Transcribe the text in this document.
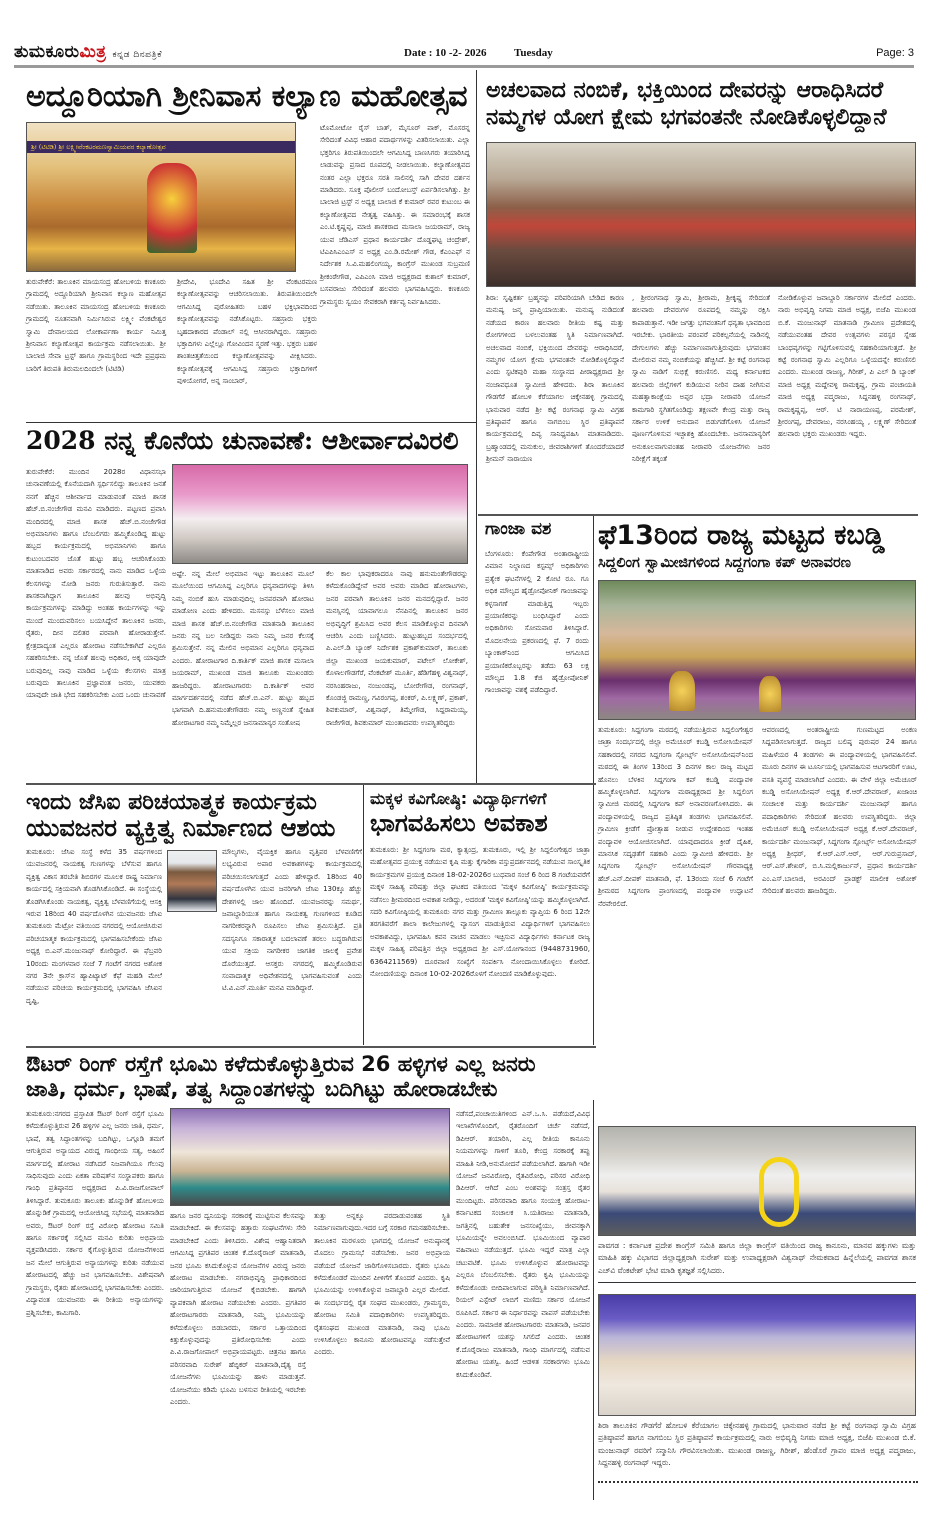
ತುಮಕೂರುಮಿತ್ರ ಕನ್ನಡ ದಿನಪತ್ರಿಕೆ	Date : 10 -2- 2026	Tuesday	Page: 3
ಅದ್ದೂರಿಯಾಗಿ ಶ್ರೀನಿವಾಸ ಕಲ್ಯಾಣ ಮಹೋತ್ಸವ
ಶ್ರೀ (ಟಿಟಿಡಿ) ಶ್ರೀ ಲಕ್ಷ್ಮೀವೆಂಕಟರಮಣಸ್ವಾಮಿಯವರ ಕಲ್ಯಾಣೋತ್ಸವ
ಟೊಮೋಟೋ ರೈಸ್ ಬಾತ್, ಮೈಸೂರ್ ಪಾಕ್, ಮೊಸರನ್ನ ಸೇರಿದಂತೆ ವಿವಿಧ ಆಹಾರ ಪದಾರ್ಥಗಳನ್ನು ವಿತರಿಸಲಾಯಿತು. ಎಲ್ಲಾ ಭಕ್ತರಿಗೂ ತಿರುಪತಿಯಿಂದಲೇ ಆಗಮಿಸಿದ್ದ ಬಾಣಸಿಗರು ತಯಾರಿಸಿದ್ದ ಲಾಡುವನ್ನು ಪ್ರಸಾದ ರೂಪದಲ್ಲಿ ನೀಡಲಾಯಿತು. ಕಲ್ಯಾಣೋತ್ಸವದ ನಂತರ ಎಲ್ಲಾ ಭಕ್ತರೂ ಸರತಿ ಸಾಲಿನಲ್ಲಿ ಸಾಗಿ ದೇವರ ದರ್ಶನ ಮಾಡಿದರು. ಸೂಕ್ತ ಪೊಲೀಸ್ ಬಂದೋಬಸ್ತ್ ಏರ್ಪಡಿಸಲಾಗಿತ್ತು. ಶ್ರೀ ಬಾಲಾಜಿ ಟ್ರಸ್ಟ್ ನ ಅಧ್ಯಕ್ಷ ಬಾಲಾಜಿ ಕೆ ಕುಮಾರ್ ರವರ ಕುಟುಂಬ ಈ ಕಲ್ಯಾಣೋತ್ಸವದ ನೇತೃತ್ವ ವಹಿಸಿತ್ತು. ಈ ಸಮಾರಂಭಕ್ಕೆ ಶಾಸಕ ಎಂ.ಟಿ.ಕೃಷ್ಣಪ್ಪ, ಮಾಜಿ ಶಾಸಕರಾದ ಮಸಾಲಾ ಜಯರಾಮ್, ರಾಜ್ಯ ಯುವ ಜೆಡಿಎಸ್ ಪ್ರಧಾನ ಕಾರ್ಯದರ್ಶಿ ದೊಡ್ಡಘಟ್ಟ ಚಂದ್ರೇಶ್, ಟಿಎಪಿಸಿಎಂಎಸ್ ನ ಅಧ್ಯಕ್ಷ ಎಂ.ಡಿ.ರಮೇಶ್ ಗೌಡ, ಕೆಎಂಎಫ್ ನ ನಿರ್ದೇಶಕ ಸಿ.ವಿ.ಮಹಲಿಂಗಯ್ಯ, ಕಾಂಗ್ರೆಸ್ ಮುಖಂಡ ಸುಬ್ರಮಣಿ ಶ್ರೀಕಂಠೇಗೌಡ, ಎಪಿಎಂಸಿ ಮಾಜಿ ಅಧ್ಯಕ್ಷರಾದ ಕುಶಾಲ್ ಕುಮಾರ್, ಬಸವರಾಜು ಸೇರಿದಂತೆ ಹಲವರು ಭಾಗವಹಿಸಿದ್ದರು. ಕಣಕೂರು ಗ್ರಾಮಸ್ಥರು ಸ್ವಯಂ ಸೇವಕರಾಗಿ ಕರ್ತವ್ಯ ನಿರ್ವಹಿಸಿದರು.
ತುರುವೇಕೆರೆ: ತಾಲೂಕಿನ ಮಾಯಸಂದ್ರ ಹೋಬಳಿಯ ಕಣಕೂರು ಗ್ರಾಮದಲ್ಲಿ ಅದ್ದೂರಿಯಾಗಿ ಶ್ರೀನಿವಾಸ ಕಲ್ಯಾಣ ಮಹೋತ್ಸವ ನಡೆಯಿತು. ತಾಲೂಕಿನ ಮಾಯಸಂದ್ರ ಹೋಬಳಿಯ ಕಣಕೂರು ಗ್ರಾಮದಲ್ಲಿ ನೂತನವಾಗಿ ನಿರ್ಮಿಸಿರುವ ಲಕ್ಷ್ಮೀ ವೆಂಕಟೇಶ್ವರ ಸ್ವಾಮಿ ದೇವಾಲಯದ ಲೋಕಾರ್ಪಣಾ ಕಾರ್ಯ ನಿಮಿತ್ತ ಶ್ರೀನಿವಾಸ ಕಲ್ಯಾಣೋತ್ಸವ ಕಾರ್ಯಕ್ರಮ ನಡೆಸಲಾಯಿತು. ಶ್ರೀ ಬಾಲಾಜಿ ಸೇವಾ ಟ್ರಸ್ಟ್ ಹಾಗೂ ಗ್ರಾಮಸ್ಥರಿಂದ ಇದೇ ಪ್ರಪ್ರಥಮ ಬಾರಿಗೆ ತಿರುಪತಿ ತಿರುಮಲದಿಂದಲೇ (ಟಿಟಿಡಿ)
ಶ್ರೀದೇವಿ, ಭೂದೇವಿ ಸಹಿತ ಶ್ರೀ ವೆಂಕಟರಮಣ ಕಲ್ಯಾಣೋತ್ಸವವನ್ನು ಆಚರಿಸಲಾಯಿತು. ತಿರುಪತಿಯಿಂದಲೇ ಆಗಮಿಸಿದ್ದ ಪುರೋಹಿತರು ಬಹಳ ಭಕ್ತಿಭಾವದಿಂದ ಕಲ್ಯಾಣೋತ್ಸವವನ್ನು ನಡೆಸಿಕೊಟ್ಟರು. ಸಹಸ್ರಾರು ಭಕ್ತರು ಬೃಹದಾಕಾರದ ಪೆಂಡಾಲ್ ನಲ್ಲಿ ಆಸೀನರಾಗಿದ್ದರು. ಸಹಸ್ರಾರು ಭಕ್ತಾದಿಗಳು ಎಲ್ಲೆಲ್ಲೂ ಗೋವಿಂದನ ಸ್ಮರಣೆ ಇತ್ತು. ಭಕ್ತರು ಬಹಳ ಶಾಂತಚಿತ್ತತೆಯಿಂದ ಕಲ್ಯಾಣೋತ್ಸವವನ್ನು ವೀಕ್ಷಿಸಿದರು. ಕಲ್ಯಾಣೋತ್ಸವಕ್ಕೆ ಆಗಮಿಸಿದ್ದ ಸಹಸ್ರಾರು ಭಕ್ತಾದಿಗಳಿಗೆ ಪುಳಿಯೋಗರೆ, ಅನ್ನ ಸಾಂಬಾರ್,
ಅಚಲವಾದ ನಂಬಿಕೆ, ಭಕ್ತಿಯಿಂದ ದೇವರನ್ನು ಆರಾಧಿಸಿದರೆ
ನಮ್ಮಗಳ ಯೋಗ ಕ್ಷೇಮ ಭಗವಂತನೇ ನೋಡಿಕೊಳ್ಳಲಿದ್ದಾನೆ
ಶಿರಾ: ಸೃಷ್ಟಿಕರ್ತ ಬ್ರಹ್ಮನನ್ನು ಪರಿಪರಿಯಾಗಿ ಬೇಡಿದ ಕಾರಣ ಮನುಷ್ಯ ಜನ್ಮ ಪ್ರಾಪ್ತಿಯಾಯಿತು. ಮನುಷ್ಯ ನುಡಿದಂತೆ ನಡೆಯದ ಕಾರಣ ಹಲವಾರು ರೀತಿಯ ಕಷ್ಟ ಮತ್ತು ರೋಗಗಳಿಂದ ಬಳಲುವಂತಹ ಸ್ಥಿತಿ ನಿರ್ಮಾಣವಾಗಿದೆ. ಅಚಲವಾದ ನಂಬಿಕೆ, ಭಕ್ತಿಯಿಂದ ದೇವರನ್ನು ಆರಾಧಿಸಿದರೆ, ನಮ್ಮಗಳ ಯೋಗ ಕ್ಷೇಮ ಭಗವಂತನೇ ನೋಡಿಕೊಳ್ಳಲಿದ್ದಾನೆ ಎಂದು ಸ್ಫಟಿಕಪುರಿ ಮಹಾ ಸಂಸ್ಥಾನದ ಪೀಠಾಧ್ಯಕ್ಷರಾದ ಶ್ರೀ ನಂಜಾವಧೂತ ಸ್ವಾಮೀಜಿ ಹೇಳಿದರು. ಶಿರಾ ತಾಲೂಕಿನ ಗೌಡಗೆರೆ ಹೋಬಳಿ ಕೆರೆಯಾಗಲ ಚಿಕ್ಕೇನಹಳ್ಳಿ ಗ್ರಾಮದಲ್ಲಿ ಭಾನುವಾರ ನಡೆದ ಶ್ರೀ ಕಟ್ಟೆ ರಂಗನಾಥ ಸ್ವಾಮಿ ವಿಗ್ರಹ ಪ್ರತಿಷ್ಠಾಪನೆ ಹಾಗೂ ನಾಗಬಿಂಬ ಸ್ಥಿರ ಪ್ರತಿಷ್ಠಾಪನೆ ಕಾರ್ಯಕ್ರಮದಲ್ಲಿ ದಿವ್ಯ ಸಾನಿಧ್ಯವಹಿಸಿ ಮಾತನಾಡಿದರು. ಬ್ರಹ್ಮಾಂಡದಲ್ಲಿ ಮನುಕುಲ, ಜೀವರಾಶಿಗಳಿಗೆ ತೊಂದರೆಯಾದರೆ ಶ್ರೀಮನ್ ನಾರಾಯಣ
, ಶ್ರೀರಂಗನಾಥ ಸ್ವಾಮಿ, ಶ್ರೀರಾಮ, ಶ್ರೀಕೃಷ್ಣ ಸೇರಿದಂತೆ ಹಲವಾರು ದೇವರುಗಳ ರೂಪದಲ್ಲಿ ನಮ್ಮನ್ನು ರಕ್ಷಿಸಿ ಕಾಪಾಡುತ್ತಾನೆ. ಇಡೀ ಜಗತ್ತು ಭಗವಂತನಿಗೆ ಧನ್ಯತಾ ಭಾವದಿಂದ ಇರಬೇಕು. ಭಾರತೀಯ ಪರಂಪರೆ ಪರಿಕಲ್ಪನೆಯಲ್ಲಿ ನಾಡಿನಲ್ಲಿ ದೇಗುಲಗಳು ಹೆಚ್ಚು ನಿರ್ಮಾಣವಾಗುತ್ತಿರುವುದು ಭಗವಂತನ ಮೇಲಿರುವ ನಮ್ಮ ನಂಬಿಕೆಯನ್ನು ಹೆಚ್ಚಿಸಿದೆ. ಶ್ರೀ ಕಟ್ಟೆ ರಂಗನಾಥ ಸ್ವಾಮಿ ನಾಡಿಗೆ ಸುಭಿಕ್ಷೆ ಕರುಣಿಸಲಿ. ಮಧ್ಯ ಕರ್ನಾಟಕದ ಹಲವಾರು ಜಿಲ್ಲೆಗಳಿಗೆ ಕುಡಿಯುವ ನೀರಿನ ದಾಹ ನೀಗಿಸುವ ಮಹತ್ವಾಕಾಂಕ್ಷೆಯ ಅಪ್ಪರ ಭದ್ರಾ ನೀರಾವರಿ ಯೋಜನೆ ಕಾಮಗಾರಿ ಸ್ಥಗಿತಗೊಂಡಿದ್ದು ತಕ್ಷಣವೇ ಕೇಂದ್ರ ಮತ್ತು ರಾಜ್ಯ ಸರ್ಕಾರ ಉಳಿಕೆ ಅನುದಾನ ಬಿಡುಗಡೆಗೊಳಿಸಿ ಯೋಜನೆ ಪೂರ್ಣಗೊಳಿಸುವ ಇಚ್ಛಾಶಕ್ತಿ ಹೊಂದಬೇಕು. ಜನಸಾಮಾನ್ಯರಿಗೆ ಅನುಕೂಲವಾಗುವಂತಹ ನೀರಾವರಿ ಯೋಜನೆಗಳು ಜನರ ನಿರೀಕ್ಷೆಗೆ ತಕ್ಕಂತೆ
ನೋಡಿಕೊಳ್ಳುವ ಜವಾಬ್ದಾರಿ ಸರ್ಕಾರಗಳ ಮೇಲಿದೆ ಎಂದರು. ನಾರು ಅಭಿವೃದ್ಧಿ ನಿಗಮ ಮಾಜಿ ಅಧ್ಯಕ್ಷ, ಬಿಜೆಪಿ ಮುಖಂಡ ಬಿ.ಕೆ. ಮಂಜುನಾಥ್ ಮಾತನಾಡಿ ಗ್ರಾಮೀಣ ಪ್ರದೇಶದಲ್ಲಿ ನಡೆಯುವಂತಹ ದೇವರ ಉತ್ಸವಗಳು ಪರಸ್ಪರ ಸ್ನೇಹ ಬಾಂಧವ್ಯಗಳನ್ನು ಗಟ್ಟಿಗೊಳಿಸುವಲ್ಲಿ ಸಹಕಾರಿಯಾಗುತ್ತದೆ. ಶ್ರೀ ಕಟ್ಟೆ ರಂಗನಾಥ ಸ್ವಾಮಿ ಎಲ್ಲರಿಗೂ ಒಳ್ಳೆಯದನ್ನೇ ಕರುಣಿಸಲಿ ಎಂದರು. ಮುಖಂಡ ರಾಜಣ್ಣ, ಗಿರೀಶ್, ಪಿ ಎಲ್ ಡಿ ಬ್ಯಾಂಕ್ ಮಾಜಿ ಅಧ್ಯಕ್ಷ ಮದ್ದೇವಳ್ಳಿ ರಾಮಕೃಷ್ಣ, ಗ್ರಾಮ ಪಂಚಾಯತಿ ಮಾಜಿ ಅಧ್ಯಕ್ಷ ಪದ್ಮರಾಜು, ಸಿದ್ದನಹಳ್ಳಿ ರಂಗನಾಥ್, ರಾಮಕೃಷ್ಣಪ್ಪ, ಆರ್. ಟಿ ನಾರಾಯಣಪ್ಪ, ಪರಮೇಶ್, ಶ್ರೀರಂಗಪ್ಪ, ದೇವರಾಜು, ನರಸಿಂಹಯ್ಯ , ಲಕ್ಷ್ಮಣ್ ಸೇರಿದಂತೆ ಹಲವಾರು ಭಕ್ತರು ಮುಖಂಡರು ಇದ್ದರು.
2028 ನನ್ನ ಕೊನೆಯ ಚುನಾವಣೆ: ಆಶೀರ್ವಾದವಿರಲಿ
ತುರುವೇಕೆರೆ: ಮುಂದಿನ 2028ರ ವಿಧಾನಸಭಾ ಚುನಾವಣೆಯಲ್ಲಿ ಕೊನೆಯದಾಗಿ ಸ್ಪರ್ಧಿಸಲಿದ್ದು ತಾಲೂಕಿನ ಜನತೆ ನನಗೆ ಹೆಚ್ಚಿನ ಆಶೀರ್ವಾದ ಮಾಡುವಂತೆ ಮಾಜಿ ಶಾಸಕ ಹೆಚ್.ಬಿ.ನಂಜೇಗೌಡ ಮನವಿ ಮಾಡಿದರು. ಪಟ್ಟಣದ ಪ್ರವಾಸಿ ಮಂದಿರದಲ್ಲಿ ಮಾಜಿ ಶಾಸಕ ಹೆಚ್.ಬಿ.ನಂಜೇಗೌಡ ಅಭಿಮಾನಿಗಳು ಹಾಗೂ ಬೆಂಬಲಿಗರು ಹಮ್ಮಿಕೊಂಡಿದ್ದ ಹುಟ್ಟು ಹಬ್ಬದ ಕಾರ್ಯಕ್ರಮದಲ್ಲಿ ಅಭಿಮಾನಿಗಳು ಹಾಗೂ ಕುಟುಂಬದವರ ಜೊತೆ ಹುಟ್ಟು ಹಬ್ಬ ಆಚರಿಸಿಕೊಂಡು ಮಾತನಾಡಿದ ಅವರು ಸರ್ಕಾರದಲ್ಲಿ ನಾನು ಮಾಡಿದ ಒಳ್ಳೆಯ ಕೆಲಸಗಳನ್ನು ನೋಡಿ ಜನರು ಗುರುತಿಸುತ್ತಾರೆ. ನಾನು ಶಾಸಕನಾಗಿದ್ದಾಗ ತಾಲೂಕಿನ ಹಲವು ಅಭಿವೃದ್ಧಿ ಕಾರ್ಯಕ್ರಮಗಳನ್ನು ಮಾಡಿದ್ದು ಅಂತಹ ಕಾರ್ಯಗಳನ್ನು ಇನ್ನು ಮುಂದೆ ಮುಂದುವರಿಸಲು ಬಯಸಿದ್ದೇನೆ ತಾಲೂಕಿನ ಜನರು, ರೈತರು, ದೀನ ದಲಿತರ ಪರವಾಗಿ ಹೋರಾಡುತ್ತೇನೆ. ಕ್ಷೇತ್ರದಾದ್ಯಂತ ಎಲ್ಲರೂ ಹೋರಾಟ ನಡೆಸಬೇಕಾಗಿದೆ ಎಲ್ಲರೂ ಸಹಕರಿಸಬೇಕು. ನನ್ನ ಜೊತೆ ಹಲವು ಅಧಿಕಾರ, ಅಕ್ಕ ಯಾವುದೇ ಬರುವುದಿಲ್ಲ ನಾವು ಮಾಡಿದ ಒಳ್ಳೆಯ ಕೆಲಸಗಳು ಮಾತ್ರ ಬರುವುದು ತಾಲೂಕಿನ ಪ್ರಜ್ಞಾವಂತ ಜನರು, ಯುವಕರು ಯಾವುದೇ ಜಾತಿ ಭೇದ ಸಹಕರಿಸಬೇಕು ಎಂದ ಒಂದು ಚುನಾವಣೆ
ಅಷ್ಟೇ. ನನ್ನ ಮೇಲೆ ಅಭಿಮಾನ ಇಟ್ಟು ತಾಲೂಕಿನ ಮೂಲೆ ಮೂಲೆಯಿಂದ ಆಗಮಿಸಿದ್ದ ಎಲ್ಲರಿಗೂ ಧನ್ಯವಾದಗಳನ್ನು ತಿಳಿಸಿ ನಿಮ್ಮ ನಂಬಿಕೆ ಹುಸಿ ಮಾಡುವುದಿಲ್ಲ ಜನಪರವಾಗಿ ಹೋರಾಟ ಮಾಡೋಣ ಎಂದು ಹೇಳಿದರು. ಮಸನಸ್ಸು ಬೆಳೆಸಲು ಮಾಜಿ ಮಾಜಿ ಶಾಸಕ ಹೆಚ್.ಬಿ.ನಂಜೇಗೌಡ ಮಾತನಾಡಿ ತಾಲೂಕಿನ ಜನರು ನನ್ನ ಬಲ ನೀಡಿದ್ದರು ನಾನು ನಿಮ್ಮ ಜನರ ಕೆಲಸಕ್ಕೆ ಶ್ರಮಿಸುತ್ತೇನೆ. ನನ್ನ ಮೇಲಿನ ಅಭಿಮಾನ ಎಲ್ಲರಿಗೂ ಧನ್ಯವಾದ ಎಂದರು. ಹೋರಾಟಗಾರ ದಿ.ಕಾರ್ತಿಕ್ ಮಾಜಿ ಶಾಸಕ ಮಸಾಲಾ ಜಯರಾಮ್, ಮುಖಂಡ ಮಾಜಿ ತಾಲೂಕು ಮುಖಂಡರು ಹಾಜರಿದ್ದರು. ಹೋರಾಟಗಾರರು ದಿ.ಕಾರ್ತಿಕ್ ಅವರ ಮಾರ್ಗದರ್ಶನದಲ್ಲಿ ನಡೆದ ಹೆಚ್.ಬಿ.ಎನ್. ಹುಟ್ಟು ಹಬ್ಬದ ಭಾಗವಾಗಿ ದಿ.ಹನುಮಂತೇಗೌಡರು ನಮ್ಮ ಅಣ್ಣನಂತೆ ಸ್ನೇಹಿತ ಹೋರಾಟಗಾರ ನಮ್ಮ ನಿಮ್ಮೆಲ್ಲರ ಜನಸಾಮಾನ್ಯರ ಸಂತೋಷ
ಕೆಲ ಕಾಲ ಭಾವುಕರಾದರೂ ನಾವು ಹನುಮಂತೇಗೌಡರನ್ನು ಕಳೆದುಕೊಂಡಿದ್ದೇವೆ ಅವರ ಅವರು ಮಾಡಿದ ಹೋರಾಟಗಳು, ಜನರ ಪರವಾಗಿ ತಾಲೂಕಿನ ಜನರ ಮನದಲ್ಲಿದ್ದಾರೆ. ಜನರ ಮನಸ್ಸಿನಲ್ಲಿ ಯಾವಾಗಲೂ ನೆನಪಿನಲ್ಲಿ ತಾಲೂಕಿನ ಜನರ ಅಭಿವೃದ್ಧಿಗೆ ಶ್ರಮಿಸಿದ ಅವರ ಕೆಲಸ ಮಾಡಿಕೊಳ್ಳುವ ದಿನವಾಗಿ ಆಚರಿಸಿ ಎಂದು ಬಣ್ಣಿಸಿದರು. ಹುಟ್ಟುಹಬ್ಬದ ಸಂದರ್ಭದಲ್ಲಿ ಪಿ.ಎಲ್.ಡಿ ಬ್ಯಾಂಕ್ ನಿರ್ದೇಶಕ ಪ್ರಕಾಶ್‌ಕುಮಾರ್, ತಾಲೂಕು ಜಿಲ್ಲಾ ಮುಖಂಡ ಜಯಕುಮಾರ್, ಪಟೇಲ್ ಲೋಕೇಶ್, ಕೊಳಾಲಗೌಡಗೆರೆ, ವೆಂಕಟೇಶ್ ಮೂರ್ತಿ, ಹೆಡಿಗೆಹಳ್ಳಿ ವಿಶ್ವನಾಥ್, ನರಸಿಂಹರಾಜು, ನಂಜುಂಡಪ್ಪ, ಬೋರೇಗೌಡ, ರಂಗನಾಥ್, ಕೊಂಡಜ್ಜಿ ರಾಮಣ್ಣ, ಗವಿರಂಗಪ್ಪ, ಶಂಕರ್, ಪಿ.ಲಕ್ಷ್ಮಣ್, ಪ್ರಕಾಶ್, ಶಿವಕುಮಾರ್, ವಿಶ್ವನಾಥ್, ತಿಮ್ಮೇಗೌಡ, ಸಿದ್ದರಾಮಯ್ಯ, ರಾಜೇಗೌಡ, ಶಿವಕುಮಾರ್ ಮುಂತಾದವರು ಉಪಸ್ಥಿತರಿದ್ದರು
ಗಾಂಜಾ ವಶ
ಬೆಂಗಳೂರು: ಕೆಂಪೇಗೌಡ ಅಂತಾರಾಷ್ಟ್ರೀಯ ವಿಮಾನ ನಿಲ್ದಾಣದ ಕಸ್ಟಮ್ಸ್ ಅಧಿಕಾರಿಗಳು ಪ್ರತ್ಯೇಕ ಘಟನೆಗಳಲ್ಲಿ 2 ಕೋಟಿ ರೂ. ಗೂ ಅಧಿಕ ಮೌಲ್ಯದ ಹೈಡ್ರೋಪೋನಿಕ್ ಗಾಂಜಾವನ್ನು ಕಳ್ಳಸಾಗಣೆ ಮಾಡುತ್ತಿದ್ದ ಇಬ್ಬರು ಪ್ರಯಾಣಿಕರನ್ನು ಬಂಧಿಸಿದ್ದಾರೆ ಎಂದು ಅಧಿಕಾರಿಗಳು ಸೋಮವಾರ ತಿಳಿಸಿದ್ದಾರೆ. ಮೊದಲನೇಯ ಪ್ರಕರಣದಲ್ಲಿ ಫೆ. 7 ರಂದು ಬ್ಯಾಂಕಾಕ್‌ನಿಂದ ಆಗಮಿಸಿದ ಪ್ರಯಾಣಿಕರೊಬ್ಬರನ್ನು ತಡೆದು 63 ಲಕ್ಷ ಮೌಲ್ಯದ 1.8 ಕೆಜಿ ಹೈಡ್ರೋಪೋನಿಕ್ ಗಾಂಜಾವನ್ನು ವಶಕ್ಕೆ ಪಡೆದಿದ್ದಾರೆ.
ಫೆ13ರಿಂದ ರಾಜ್ಯ ಮಟ್ಟದ ಕಬಡ್ಡಿ
ಸಿದ್ದಲಿಂಗ ಸ್ವಾಮೀಜಿಗಳಿಂದ ಸಿದ್ದಗಂಗಾ ಕಪ್ ಅನಾವರಣ
ತುಮಕೂರು: ಸಿದ್ದಗಂಗಾ ಮಠದಲ್ಲಿ ನಡೆಯುತ್ತಿರುವ ಸಿದ್ದಲಿಂಗೇಶ್ವರ ಜಾತ್ರಾ ಸಂದರ್ಭದಲ್ಲಿ ಜಿಲ್ಲಾ ಅಮೆಚೂರ್ ಕಬಡ್ಡಿ ಅಸೋಸಿಯೇಷನ್ ಸಹಕಾರದಲ್ಲಿ ನಗರದ ಸಿದ್ದಗಂಗಾ ಸ್ಪೋರ್ಟ್ಸ್ ಅಸೋಸಿಯೇಷನ್‌ನಿಂದ ಮಠದಲ್ಲಿ ಈ ತಿಂಗಳ 13ರಿಂದ 3 ದಿನಗಳ ಕಾಲ ರಾಜ್ಯ ಮಟ್ಟದ ಹೊನಲು ಬೆಳಕಿನ ಸಿದ್ದಗಂಗಾ ಕಪ್ ಕಬಡ್ಡಿ ಪಂದ್ಯಾವಳಿ ಹಮ್ಮಿಕೊಳ್ಳಲಾಗಿದೆ. ಸಿದ್ದಗಂಗಾ ಮಠಾಧ್ಯಕ್ಷರಾದ ಶ್ರೀ ಸಿದ್ದಲಿಂಗ ಸ್ವಾಮೀಜಿ ಮಠದಲ್ಲಿ ಸಿದ್ದಗಂಗಾ ಕಪ್ ಅನಾವರಣಗೊಳಿಸಿದರು. ಈ ಪಂದ್ಯಾವಳಿಯಲ್ಲಿ ರಾಜ್ಯದ ಪ್ರತಿಷ್ಠಿತ ತಂಡಗಳು ಭಾಗವಹಿಸಲಿವೆ. ಗ್ರಾಮೀಣ ಕ್ರೀಡೆಗೆ ಪ್ರೋತ್ಸಾಹ ನೀಡುವ ಉದ್ದೇಶದಿಂದ ಇಂತಹ ಪಂದ್ಯಾವಳಿ ಆಯೋಜಿಸಲಾಗಿದೆ. ಯಾವುದಾದರೂ ಕ್ರೀಡೆ ದೈಹಿಕ, ಮಾನಸಿಕ ಸದೃಢತೆಗೆ ಸಹಕಾರಿ ಎಂದು ಸ್ವಾಮೀಜಿ ಹೇಳಿದರು. ಶ್ರೀ ಸಿದ್ದಗಂಗಾ ಸ್ಪೋರ್ಟ್ಸ್ ಅಸೋಸಿಯೇಷನ್ ಗೌರವಾಧ್ಯಕ್ಷ ಹೆಚ್.ಎನ್.ದೀಪಕ್ ಮಾತನಾಡಿ, ಫೆ. 13ರಂದು ಸಂಜೆ 6 ಗಂಟೆಗೆ ಶ್ರೀಮಠದ ಸಿದ್ದಗಂಗಾ ಪ್ರಾಂಗಣದಲ್ಲಿ ಪಂದ್ಯಾವಳಿ ಉದ್ಘಾಟನೆ ನೆರವೇರಲಿದೆ.
ಆವರಣದಲ್ಲಿ ಅಂತರಾಷ್ಟ್ರೀಯ ಗುಣಮಟ್ಟದ ಅಂಕಣ ಸಿದ್ದಪಡಿಸಲಾಗುತ್ತದೆ. ರಾಜ್ಯದ ಬಲಿಷ್ಠ ಪುರುಷರ 24 ಹಾಗೂ ಮಹಿಳೆಯರ 4 ತಂಡಗಳು ಈ ಪಂದ್ಯಾವಳಿಯಲ್ಲಿ ಭಾಗವಹಿಸಲಿವೆ. ಮೂರು ದಿನಗಳ ಈ ಟೂರ್ನಿಯಲ್ಲಿ ಭಾಗವಹಿಸುವ ಆಟಗಾರರಿಗೆ ಊಟ, ವಸತಿ ವ್ಯವಸ್ಥೆ ಮಾಡಲಾಗಿದೆ ಎಂದರು. ಈ ವೇಳೆ ಜಿಲ್ಲಾ ಅಮೆಚೂರ್ ಕಬಡ್ಡಿ ಅಸೋಸಿಯೇಷನ್ ಅಧ್ಯಕ್ಷ ಕೆ.ಆರ್.ದೇವರಾಜ್, ಖಜಾಂಚಿ ಸಂಚಾಲಕ ಮತ್ತು ಕಾರ್ಯದರ್ಶಿ ಮಂಜುನಾಥ್ ಹಾಗೂ ಪದಾಧಿಕಾರಿಗಳು ಸೇರಿದಂತೆ ಹಲವರು ಉಪಸ್ಥಿತರಿದ್ದರು. ಜಿಲ್ಲಾ ಅಮೆಚೂರ್ ಕಬಡ್ಡಿ ಅಸೋಸಿಯೇಷನ್ ಅಧ್ಯಕ್ಷ ಕೆ.ಆರ್.ದೇವರಾಜ್, ಕಾರ್ಯದರ್ಶಿ ಮಂಜುನಾಥ್, ಸಿದ್ದಗಂಗಾ ಸ್ಪೋರ್ಟ್ಸ್ ಅಸೋಸಿಯೇಷನ್ ಅಧ್ಯಕ್ಷ ಶ್ರೀಧರ್, ಕೆ.ಆರ್.ಎಸ್.ಆರ್, ಆರ್.ಗುರುಪ್ರಸಾದ್, ಆರ್.ಎಸ್.ಶೇಖರ್, ಬಿ.ಸಿ.ಮಲ್ಲಿಕಾರ್ಜುನ್, ಪ್ರಧಾನ ಕಾರ್ಯದರ್ಶಿ ಎಂ.ಎಸ್.ಬಾಲಾಜಿ, ಅರವಿಂದ್ ಪ್ರಾಡಕ್ಟ್ ಮಾಲೀಕ ಅಶೋಕ್ ಸೇರಿದಂತೆ ಹಲವರು ಹಾಜರಿದ್ದರು.
ಇಂದು ಜೆಸಿಐ ಪರಿಚಯಾತ್ಮಕ ಕಾರ್ಯಕ್ರಮ
ಯುವಜನರ ವ್ಯಕ್ತಿತ್ವ ನಿರ್ಮಾಣದ ಆಶಯ
ತುಮಕೂರು: ಜೆಸಿಐ ಸಂಸ್ಥೆ ಕಳೆದ 35 ವರ್ಷಗಳಿಂದ ಯುವಜನರಲ್ಲಿ ನಾಯಕತ್ವ ಗುಣಗಳನ್ನು ಬೆಳೆಸುವ ಹಾಗೂ ವ್ಯಕ್ತಿತ್ವ ವಿಕಾಸ ತರಬೇತಿ ಶಿಬಿರಗಳ ಮೂಲಕ ರಾಷ್ಟ್ರ ನಿರ್ಮಾಣ ಕಾರ್ಯದಲ್ಲಿ ಸಕ್ರಿಯವಾಗಿ ತೊಡಗಿಸಿಕೊಂಡಿದೆ. ಈ ಸಂಸ್ಥೆಯಲ್ಲಿ ತೊಡಗಿಸಿಕೊಂಡು ನಾಯಕತ್ವ, ವ್ಯಕ್ತಿತ್ವ ಬೆಳವಣಿಗೆಯಲ್ಲಿ ಆಸಕ್ತಿ ಇರುವ 18ರಿಂದ 40 ವರ್ಷದೊಳಗಿನ ಯುವಜನರು ಜೆಸಿಐ ತುಮಕೂರು ಮೆಟ್ರೋ ವತಿಯಿಂದ ನಗರದಲ್ಲಿ ಆಯೋಜಿಸಿರುವ ಪರಿಚಯಾತ್ಮಕ ಕಾರ್ಯಕ್ರಮದಲ್ಲಿ ಭಾಗವಹಿಸಬೇಕೆಂದು ಜೆಸಿಐ ಅಧ್ಯಕ್ಷ ಬಿ.ಎನ್.ಮಂಜುನಾಥ್ ಕೋರಿದ್ದಾರೆ. ಈ ಫೆಬ್ರವರಿ 10ರಂದು ಮಂಗಳವಾರ ಸಂಜೆ 7 ಗಂಟೆಗೆ ನಗರದ ಅಶೋಕ ನಗರ 3ನೇ ಕ್ರಾಸ್‌ನ ಹ್ಯಾಪಿಟ್ಯಾಟ್ ಕೆಫೆ ಮಹಡಿ ಮೇಲೆ ನಡೆಯುವ ಪರಿಚಯ ಕಾರ್ಯಕ್ರಮದಲ್ಲಿ ಭಾಗವಹಿಸಿ ಜೆಸಿಐನ ದೃಷ್ಟಿ,
ಮೌಲ್ಯಗಳು, ವೈಯಕ್ತಿಕ ಹಾಗೂ ವೃತ್ತಿಪರ ಬೆಳವಣಿಗೆಗೆ ಲಭ್ಯವಿರುವ ಅಪಾರ ಅವಕಾಶಗಳನ್ನು ಕಾರ್ಯಕ್ರಮದಲ್ಲಿ ಪರಿಚಯಿಸಲಾಗುತ್ತದೆ ಎಂದು ಹೇಳಿದ್ದಾರೆ. 18ರಿಂದ 40 ವರ್ಷದೊಳಗಿನ ಯುವ ಜನರಿಗಾಗಿ ಜೆಸಿಐ 130ಕ್ಕೂ ಹೆಚ್ಚು ದೇಶಗಳಲ್ಲಿ ಜಾಲ ಹೊಂದಿದೆ. ಯುವಜನರನ್ನು ಸಮರ್ಥ, ಜವಾಬ್ದಾರಿಯುತ ಹಾಗೂ ನಾಯಕತ್ವ ಗುಣಗಳಿಂದ ಕೂಡಿದ ನಾಗರೀಕರನ್ನಾಗಿ ರೂಪಿಸಲು ಜೆಸಿಐ ಶ್ರಮಿಸುತ್ತಿದೆ. ಪ್ರತಿ ಸದಸ್ಯನಿಗೂ ಸಕಾರಾತ್ಮಕ ಬದಲಾವಣೆ ತರಲು ಬದ್ಧರಾಗಿರುವ ಯುವ ಸಕ್ರಿಯ ನಾಗರೀಕರ ಜಾಗತಿಕ ಜಾಲಕ್ಕೆ ಪ್ರವೇಶ ದೊರೆಯುತ್ತದೆ. ಆಸಕ್ತರು ನಗರದಲ್ಲಿ ಹಮ್ಮಿಕೊಂಡಿರುವ ಸಂವಾದಾತ್ಮಕ ಅಧಿವೇಶನದಲ್ಲಿ ಭಾಗವಹಿಸುವಂತೆ ಎಂದು ಟಿ.ವಿ.ಎನ್.ಮೂರ್ತಿ ಮನವಿ ಮಾಡಿದ್ದಾರೆ.
ಮಕ್ಕಳ ಕವಿಗೋಷ್ಠಿ: ವಿದ್ಯಾರ್ಥಿಗಳಿಗೆ
ಭಾಗವಹಿಸಲು ಅವಕಾಶ
ತುಮಕೂರು: ಶ್ರೀ ಸಿದ್ದಗಂಗಾ ಮಠ, ಕ್ಯಾತ್ಸಂದ್ರ, ತುಮಕೂರು, ಇಲ್ಲಿ ಶ್ರೀ ಸಿದ್ದಲಿಂಗೇಶ್ವರ ಜಾತ್ರಾ ಮಹೋತ್ಸವದ ಪ್ರಯುಕ್ತ ನಡೆಯುವ ಕೃಷಿ ಮತ್ತು ಕೈಗಾರಿಕಾ ವಸ್ತುಪ್ರದರ್ಶನದಲ್ಲಿ ನಡೆಯುವ ಸಾಂಸ್ಕೃತಿಕ ಕಾರ್ಯಕ್ರಮಗಳ ಪ್ರಯುಕ್ತ ದಿನಾಂಕ 18-02-2026ರ ಬುಧವಾರ ಸಂಜೆ 6 ರಿಂದ 8 ಗಂಟೆಯವರೆಗೆ ಮಕ್ಕಳ ಸಾಹಿತ್ಯ ಪರಿಷತ್ತು ಜಿಲ್ಲಾ ಘಟಕದ ವತಿಯಿಂದ 'ಮಕ್ಕಳ ಕವಿಗೋಷ್ಠಿ' ಕಾರ್ಯಕ್ರಮವನ್ನು ನಡೆಸಲು ಶ್ರೀಮಠದಿಂದ ಅವಕಾಶ ನೀಡಿದ್ದು, ಅದರಂತೆ 'ಮಕ್ಕಳ ಕವಿಗೋಷ್ಠಿ'ಯನ್ನು ಹಮ್ಮಿಕೊಳ್ಳಲಾಗಿದೆ. ಸದರಿ ಕವಿಗೋಷ್ಠಿಯಲ್ಲಿ ತುಮಕೂರು ನಗರ ಮತ್ತು ಗ್ರಾಮೀಣ ತಾಲ್ಲೂಕು ವ್ಯಾಪ್ತಿಯ 6 ರಿಂದ 12ನೇ ತರಗತಿವರೆಗೆ ಶಾಲಾ ಕಾಲೇಜುಗಳಲ್ಲಿ ವ್ಯಾಸಂಗ ಮಾಡುತ್ತಿರುವ ವಿದ್ಯಾರ್ಥಿಗಳಿಗೆ ಭಾಗವಹಿಸಲು ಅವಕಾಶವಿದ್ದು, ಭಾಗವಹಿಸಿ ಕವನ ವಾಚನ ಮಾಡಲು ಇಚ್ಛಿಸುವ ವಿದ್ಯಾರ್ಥಿಗಳು ಕರ್ನಾಟಕ ರಾಜ್ಯ ಮಕ್ಕಳ ಸಾಹಿತ್ಯ ಪರಿಷತ್ತಿನ ಜಿಲ್ಲಾ ಅಧ್ಯಕ್ಷರಾದ ಶ್ರೀ ಎಸ್.ಯೋಗಾನಂದ (9448731960, 6364211569) ದೂರವಾಣಿ ಸಂಖ್ಯೆಗೆ ಸಂಪರ್ಕಿಸಿ ನೋಂದಾಯಿಸಿಕೊಳ್ಳಲು ಕೋರಿದೆ. ನೋಂದಣಿಯನ್ನು ದಿನಾಂಕ 10-02-2026ರೊಳಗೆ ನೋಂದಣಿ ಮಾಡಿಕೊಳ್ಳುವುದು.
ಔಟರ್ ರಿಂಗ್ ರಸ್ತೆಗೆ ಭೂಮಿ ಕಳೆದುಕೊಳ್ಳುತ್ತಿರುವ 26 ಹಳ್ಳಿಗಳ ಎಲ್ಲ ಜನರು
ಜಾತಿ, ಧರ್ಮ, ಭಾಷೆ, ತತ್ವ ಸಿದ್ದಾಂತಗಳನ್ನು ಬದಿಗಿಟ್ಟು ಹೋರಾಡಬೇಕು
ತುಮಕೂರು:ನಗರದ ಪ್ರಸ್ತಾಪಿತ ಔಟರ್ ರಿಂಗ್ ರಸ್ತೆಗೆ ಭೂಮಿ ಕಳೆದುಕೊಳ್ಳುತ್ತಿರುವ 26 ಹಳ್ಳಿಗಳ ಎಲ್ಲ ಜನರು ಜಾತಿ, ಧರ್ಮ, ಭಾಷೆ, ತತ್ವ ಸಿದ್ದಾಂತಗಳನ್ನು ಬದಿಗಿಟ್ಟು, ಒಗ್ಗೂಡಿ ತಮಗೆ ಆಗುತ್ತಿರುವ ಅನ್ಯಾಯದ ವಿರುದ್ದ ಗಾಂಧೀಯ ಸತ್ಯ, ಅಹಿಂಸೆ ಮಾರ್ಗದಲ್ಲಿ ಹೋರಾಟ ನಡೆಸಿದರೆ ನಿಜವಾಗಿಯೂ ಗೆಲುವು ಸಾಧಿಸುವುದು ಎಂದು ಏಕತಾ ಪರಿಷತ್‌ನ ಸಂಸ್ಥಾಪಕರು ಹಾಗೂ ಗಾಂಧಿ ಪ್ರತಿಷ್ಠಾನದ ಅಧ್ಯಕ್ಷರಾದ ಪಿ.ವಿ.ರಾಜಗೋಪಾಲ್ ತಿಳಿಸಿದ್ದಾರೆ. ತುಮಕೂರು ತಾಲೂಕು ಹೊನ್ನುಡಿಕೆ ಹೋಬಳಿಯ ಹೊನ್ನುಡಿಕೆ ಗ್ರಾಮದಲ್ಲಿ ಆಯೋಜಿಸಿದ್ದ ಸಭೆಯಲ್ಲಿ ಮಾತನಾಡಿದ ಅವರು, ಔಟರ್ ರಿಂಗ್ ರಸ್ತೆ ವಿರೋಧಿ ಹೋರಾಟ ಸಮಿತಿ ಹಾಗೂ ಸರ್ಕಾರಕ್ಕೆ ಸಲ್ಲಿಸಿದ ಮನವಿ ಕುರಿತು ಅಭಿಪ್ರಾಯ ವ್ಯಕ್ತಪಡಿಸಿದರು. ಸರ್ಕಾರ ಕೈಗೊಳ್ಳುತ್ತಿರುವ ಯೋಜನೆಗಳಿಂದ ಜನ ಮೇಲೆ ಆಗುತ್ತಿರುವ ಅನ್ಯಾಯಗಳನ್ನು ಕುರಿತು ನಡೆಯುವ ಹೋರಾಟದಲ್ಲಿ ಹೆಚ್ಚು ಜನ ಭಾಗವಹಿಸಬೇಕು. ವಿಶೇಷವಾಗಿ ಗ್ರಾಮಸ್ಥರು, ರೈತರು ಹೋರಾಟದಲ್ಲಿ ಭಾಗವಹಿಸಬೇಕು ಎಂದರು. ವಿದ್ಯಾವಂತ ಯುವಜನರು ಈ ರೀತಿಯ ಅನ್ಯಾಯಗಳನ್ನು ಪ್ರಶ್ನಿಸಬೇಕು, ಕಾಮಿಗಾರಿ.
ಹಾಗೂ ಜನರ ದ್ವನಿಯನ್ನು ಸರಕಾರಕ್ಕೆ ಮುಟ್ಟಿಸುವ ಕೆಲಸವನ್ನು ಮಾಡಬೇಕಿದೆ. ಈ ಕೆಲಸವನ್ನು ಹತ್ತಾರು ಸಂಘಟನೆಗಳು ಸೇರಿ ಮಾಡಬೇಕಿದೆ ಎಂದು ತಿಳಿಸಿದರು. ವಿಶೇಷ ಆಹ್ವಾನಿತರಾಗಿ ಆಗಮಿಸಿದ್ದ ಪ್ರಗತಿಪರ ಚಿಂತಕ ಕೆ.ದೊರೈರಾಜ್ ಮಾತನಾಡಿ, ಜನರ ಭೂಮಿ ಕಸಿದುಕೊಳ್ಳುವ ಯೋಜನೆಗಳ ವಿರುದ್ಧ ಜನರು ಹೋರಾಟ ಮಾಡಬೇಕು. ನಗರಾಭಿವೃದ್ಧಿ ಪ್ರಾಧಿಕಾರದಿಂದ ಜಾರಿಯಾಗುತ್ತಿರುವ ಯೋಜನೆ ಕೈಬಿಡಬೇಕು. ಹಾಗಾಗಿ ವ್ಯಾಪಕವಾಗಿ ಹೋರಾಟ ನಡೆಯಬೇಕು ಎಂದರು. ಪ್ರಗತಿಪರ ಹೋರಾಟಗಾರರು ಮಾತನಾಡಿ, ನಿಮ್ಮ ಭೂಮಿಯನ್ನು ಕಳೆದುಕೊಳ್ಳಲು ಬಿಡಬಾರದು, ಸರ್ಕಾರ ಒತ್ತಾಯದಿಂದ ಕಿತ್ತುಕೊಳ್ಳುವುದನ್ನು ಪ್ರತಿರೋಧಿಸಬೇಕು ಎಂದು ಪಿ.ವಿ.ರಾಜಗೋಪಾಲ್ ಅಭಿಪ್ರಾಯಪಟ್ಟರು. ಚಿತ್ರನಟ ಹಾಗೂ ಪರಿಸರವಾದಿ ಸುರೇಶ್ ಹೆಬ್ಳಿಕರ್ ಮಾತನಾಡಿ,ದೈತ್ಯ ರಸ್ತೆ ಯೋಜನೆಗಳು ಭೂಮಿಯನ್ನು ಹಾಳು ಮಾಡುತ್ತವೆ. ಯೋಜನೆಯು ಕಡಿಮೆ ಭೂಮಿ ಬಳಸುವ ರೀತಿಯಲ್ಲಿ ಇರಬೇಕು ಎಂದರು.
ತುತ್ತು ಅನ್ನಕ್ಕೂ ಪರದಾಡುವಂತಹ ಸ್ಥಿತಿ ನಿರ್ಮಾಣವಾಗುವುದು.ಇದರ ಬಗ್ಗೆ ಸರಕಾರ ಗಮನಹರಿಸಬೇಕು. ತಾಲೂಕಿನ ಮರಳೂರು ಭಾಗದಲ್ಲಿ ಯೋಜನೆ ಅನುಷ್ಠಾನಕ್ಕೆ ಮೊದಲು ಗ್ರಾಮಸಭೆ ನಡೆಸಬೇಕು. ಜನರ ಅಭಿಪ್ರಾಯ ಪಡೆಯದೆ ಯೋಜನೆ ಜಾರಿಗೊಳಿಸಬಾರದು. ರೈತರು ಭೂಮಿ ಕಳೆದುಕೊಂಡರೆ ಮುಂದಿನ ಪೀಳಿಗೆಗೆ ತೊಂದರೆ ಎಂದರು. ಕೃಷಿ ಭೂಮಿಯನ್ನು ಉಳಿಸಿಕೊಳ್ಳುವ ಜವಾಬ್ದಾರಿ ಎಲ್ಲರ ಮೇಲಿದೆ. ಈ ಸಂದರ್ಭದಲ್ಲಿ ರೈತ ಸಂಘದ ಮುಖಂಡರು, ಗ್ರಾಮಸ್ಥರು, ಹೋರಾಟ ಸಮಿತಿ ಪದಾಧಿಕಾರಿಗಳು ಉಪಸ್ಥಿತರಿದ್ದರು. ರೈತಸಂಘದ ಮುಖಂಡ ಮಾತನಾಡಿ, ನಾವು ಭೂಮಿ ಉಳಿಸಿಕೊಳ್ಳಲು ಕಾನೂನು ಹೋರಾಟವನ್ನೂ ನಡೆಸುತ್ತೇವೆ ಎಂದರು.
ನಡೆಸದೆ,ಪಂಚಾಯಿತಿಗಳಿಂದ ಎನ್.ಒ.ಸಿ. ಪಡೆಯದೆ,ವಿವಿಧ ಇಲಾಖೆಗಳೊಂದಿಗೆ, ರೈತರೊಂದಿಗೆ ಚರ್ಚೆ ನಡೆಸದೆ, ಡಿಪಿಆರ್. ತಯಾರಿಸಿ, ಎಲ್ಲ ರೀತಿಯ ಕಾನೂನು ನಿಯಮಗಳನ್ನು ಗಾಳಿಗೆ ತೂರಿ, ಕೇಂದ್ರ ಸರಕಾರಕ್ಕೆ ತಪ್ಪು ಮಾಹಿತಿ ನೀಡಿ,ಅನುಮೋದನೆ ಪಡೆಯಲಾಗಿದೆ. ಹಾಗಾಗಿ ಇಡೀ ಯೋಜನೆ ಜನವಿರೋಧಿ, ರೈತವಿರೋಧಿ, ಪರಿಸರ ವಿರೋಧಿ ಡಿಪಿಆರ್. ಆಗಿದೆ ಎಂಬ ಅಂಶವನ್ನು ಸಂತ್ರಸ್ತ ರೈತರ ಮುಂದಿಟ್ಟರು. ಪರಿಸರವಾದಿ ಹಾಗೂ ಸಂಯುಕ್ತ ಹೋರಾಟ-ಕರ್ನಾಟಕದ ಸಂಚಾಲಕ ಸಿ.ಯತಿರಾಜು ಮಾತನಾಡಿ, ಜಗತ್ತಿನಲ್ಲಿ ಬಹುತೇಕ ಜನಸಂಖ್ಯೆಯು, ಜೀವನಕ್ಕಾಗಿ ಭೂಮಿಯನ್ನೇ ಅವಲಂಬಿಸಿದೆ. ಭೂಮಿಯಿಂದ ವ್ಯಾಪಾರ ವಹಿವಾಟು ನಡೆಯುತ್ತದೆ. ಭೂಮಿ ಇದ್ದರೆ ಮಾತ್ರ ಎಲ್ಲಾ ಚಟುವಟಿಕೆ. ಭೂಮಿ ಉಳಿಸಿಕೊಳ್ಳುವ ಹೋರಾಟವನ್ನು ಎಲ್ಲರೂ ಬೆಂಬಲಿಸಬೇಕು. ರೈತರು ಕೃಷಿ ಭೂಮಿಯನ್ನು ಕಳೆದುಕೊಂಡು ಬೀದಿಪಾಲಾಗುವ ಪರಿಸ್ಥಿತಿ ನಿರ್ಮಾಣವಾಗಿದೆ. ರಿಯಲ್ ಎಸ್ಟೇಟ್ ಲಾಬಿಗೆ ಮಣಿದು ಸರ್ಕಾರ ಯೋಜನೆ ರೂಪಿಸಿದೆ. ಸರ್ಕಾರ ಈ ನಿರ್ಧಾರವನ್ನು ವಾಪಸ್ ಪಡೆಯಬೇಕು ಎಂದರು. ಸಾಮಾಜಿಕ ಹೋರಾಟಗಾರರು ಮಾತನಾಡಿ, ಜನಪರ ಹೋರಾಟಗಳಿಗೆ ಯಶಸ್ಸು ಸಿಗಲಿದೆ ಎಂದರು. ಚಿಂತಕ ಕೆ.ದೊರೈರಾಜು ಮಾತನಾಡಿ, ಗಾಂಧಿ ಮಾರ್ಗದಲ್ಲಿ ನಡೆಸುವ ಹೋರಾಟ ಯಶಸ್ವಿ. ಹಿಂದೆ ಆಡಳಿತ ಸರಕಾರಗಳು ಭೂಮಿ ಕಸಿದುಕೊಂಡಿವೆ.
ಪಾವಗಡ : ಕರ್ನಾಟಕ ಪ್ರದೇಶ ಕಾಂಗ್ರೆಸ್ ಸಮಿತಿ ಹಾಗೂ ಜಿಲ್ಲಾ ಕಾಂಗ್ರೆಸ್ ವತಿಯಿಂದ ರಾಜ್ಯ ಕಾನೂನು, ಮಾನವ ಹಕ್ಕುಗಳು ಮತ್ತು ಮಾಹಿತಿ ಹಕ್ಕು ವಿಭಾಗದ ಜಿಲ್ಲಾಧ್ಯಕ್ಷರಾಗಿ ಸುರೇಶ್ ಮತ್ತು ಉಪಾಧ್ಯಕ್ಷರಾಗಿ ವಿಶ್ವನಾಥ್ ನೇಮಕವಾದ ಹಿನ್ನೆಲೆಯಲ್ಲಿ ಪಾವಗಡ ಶಾಸಕ ಎಚ್‌ವಿ ವೆಂಕಟೇಶ್ ಭೇಟಿ ಮಾಡಿ ಕೃತಜ್ಞತೆ ಸಲ್ಲಿಸಿದರು.
ಶಿರಾ ತಾಲೂಕಿನ ಗೌಡಗೆರೆ ಹೋಬಳಿ ಕೆರೆಯಾಗಲ ಚಿಕ್ಕೇನಹಳ್ಳಿ ಗ್ರಾಮದಲ್ಲಿ ಭಾನುವಾರ ನಡೆದ ಶ್ರೀ ಕಟ್ಟೆ ರಂಗನಾಥ ಸ್ವಾಮಿ ವಿಗ್ರಹ ಪ್ರತಿಷ್ಠಾಪನೆ ಹಾಗೂ ನಾಗಬಿಂಬ ಸ್ಥಿರ ಪ್ರತಿಷ್ಠಾಪನೆ ಕಾರ್ಯಕ್ರಮದಲ್ಲಿ ನಾರು ಅಭಿವೃದ್ಧಿ ನಿಗಮ ಮಾಜಿ ಅಧ್ಯಕ್ಷ, ಬಿಜೆಪಿ ಮುಖಂಡ ಬಿ.ಕೆ. ಮಂಜುನಾಥ್ ರವರಿಗೆ ಸನ್ಮಾನಿಸಿ ಗೌರವಿಸಲಾಯಿತು. ಮುಖಂಡ ರಾಜಣ್ಣ, ಗಿರೀಶ್, ಹೆಂಡೊರೆ ಗ್ರಾಪಂ ಮಾಜಿ ಅಧ್ಯಕ್ಷ ಪದ್ಮರಾಜು, ಸಿದ್ದನಹಳ್ಳಿ ರಂಗನಾಥ್ ಇದ್ದರು.
